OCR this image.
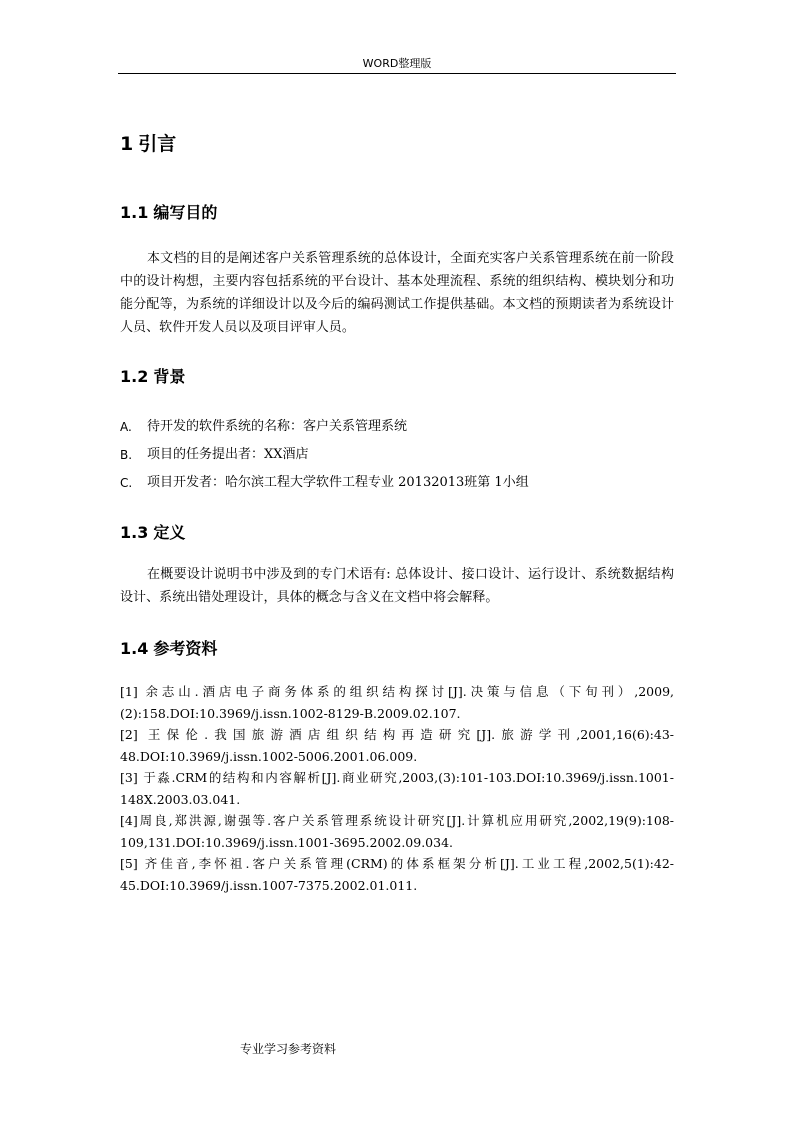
WORD整理版
1 引言
1.1 编写目的

本文档的目的是阐述客户关系管理系统的总体设计，全面充实客户关系管理系统在前一阶段中的设计构想，主要内容包括系统的平台设计、基本处理流程、系统的组织结构、模块划分和功能分配等，为系统的详细设计以及今后的编码测试工作提供基础。本文档的预期读者为系统设计人员、软件开发人员以及项目评审人员。

1.2 背景
A.	待开发的软件系统的名称：客户关系管理系统
B.	项目的任务提出者：XX酒店
C.	项目开发者：哈尔滨工程大学软件工程专业 20132013班第 1小组
1.3 定义

在概要设计说明书中涉及到的专门术语有: 总体设计、接口设计、运行设计、系统数据结构设计、系统出错处理设计，具体的概念与含义在文档中将会解释。

1.4 参考资料

[1] 余志山.酒店电子商务体系的组织结构探讨[J].决策与信息（下旬刊）,2009,(2):158.DOI:10.3969/j.issn.1002-8129-B.2009.02.107.

[2] 王保伦.我国旅游酒店组织结构再造研究[J].旅游学刊,2001,16(6):43-48.DOI:10.3969/j.issn.1002-5006.2001.06.009.

[3] 于淼.CRM的结构和内容解析[J].商业研究,2003,(3):101-103.DOI:10.3969/j.issn.1001-148X.2003.03.041.

[4]周良,郑洪源,谢强等.客户关系管理系统设计研究[J].计算机应用研究,2002,19(9):108-109,131.DOI:10.3969/j.issn.1001-3695.2002.09.034.

[5] 齐佳音,李怀祖.客户关系管理(CRM)的体系框架分析[J].工业工程,2002,5(1):42-45.DOI:10.3969/j.issn.1007-7375.2002.01.011.

专业学习参考资料
